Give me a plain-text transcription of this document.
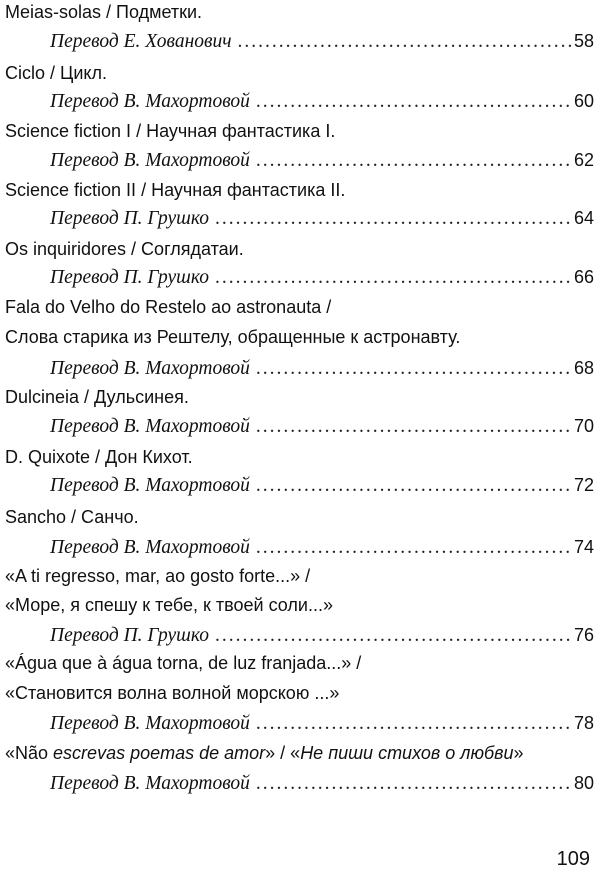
Meias-solas / Подметки.
Перевод Е. Хованович .....	58
Ciclo / Цикл.
Перевод В. Махортовой .....	60
Science fiction I / Научная фантастика I.
Перевод В. Махортовой .....	62
Science fiction II / Научная фантастика II.
Перевод П. Грушко .....	64
Os inquiridores / Соглядатаи.
Перевод П. Грушко .....	66
Fala do Velho do Restelo ao astronauta /
Слова старика из Рештелу, обращенные к астронавту.
Перевод В. Махортовой .....	68
Dulcineia / Дульсинея.
Перевод В. Махортовой .....	70
D. Quixote / Дон Кихот.
Перевод В. Махортовой .....	72
Sancho / Санчо.
Перевод В. Махортовой .....	74
«A ti regresso, mar, ao gosto forte...» /
«Море, я спешу к тебе, к твоей соли...»
Перевод П. Грушко .....	76
«Água que à água torna, de luz franjada...» /
«Становится волна волной морскою ...»
Перевод В. Махортовой .....	78
«Não escrevas poemas de amor» / «Не пиши стихов о любви»
Перевод В. Махортовой .....	80
109
